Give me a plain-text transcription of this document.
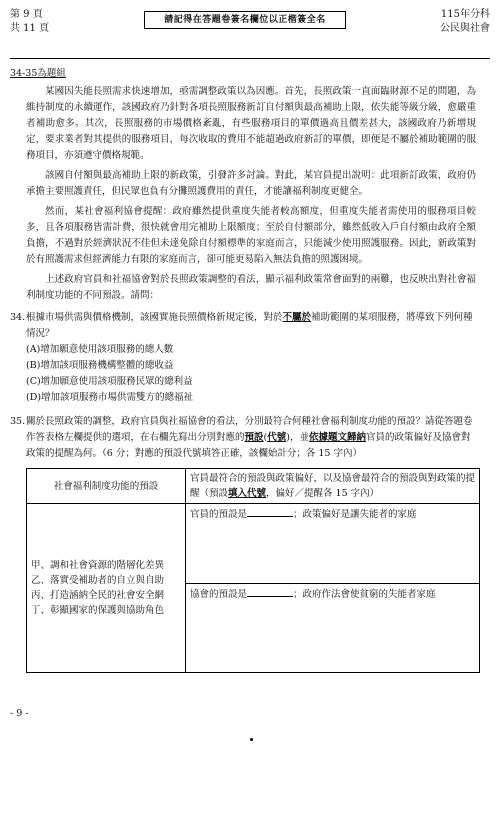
第 9 頁
共 11 頁
請記得在答題卷簽名欄位以正楷簽全名	115年分科
公民與社會
34-35為題組

某國因失能長照需求快速增加，亟需調整政策以為因應。首先，長照政策一直面臨財源不足的問題，為維持制度的永續運作，該國政府乃針對各項長照服務新訂自付額與最高補助上限，依失能等級分級，愈嚴重者補助愈多。其次，長照服務的市場價格紊亂，有些服務項目的單價過高且價差甚大，該國政府乃新增規定，要求業者對其提供的服務項目，每次收取的費用不能超過政府新訂的單價，即便是不屬於補助範圍的服務項目，亦須遵守價格規範。

該國自付額與最高補助上限的新政策，引發許多討論。對此，某官員提出說明：此項新訂政策，政府仍承擔主要照護責任，但民眾也負有分攤照護費用的責任，才能讓福利制度更健全。

然而，某社會福利協會提醒：政府雖然提供重度失能者較高額度，但重度失能者需使用的服務項目較多，且各項服務皆需計費，很快就會用完補助上限額度；至於自付額部分，雖然低收入戶自付額由政府全額負擔，不過對於經濟狀況不佳但未達免除自付額標準的家庭而言，只能減少使用照護服務。因此，新政策對於有照護需求但經濟能力有限的家庭而言，卻可能更易陷入無法負擔的照護困境。

上述政府官員和社福協會對於長照政策調整的看法，顯示福利政策常會面對的兩難，也反映出對社會福利制度功能的不同預設。請問：

34. 根據市場供需與價格機制，該國實施長照價格新規定後，對於不屬於補助範圍的某項服務，將導致下列何種情況？
(A)增加願意使用該項服務的總人數
(B)增加該項服務機構整體的總收益
(C)增加願意使用該項服務民眾的總利益
(D)增加該項服務市場供需雙方的總福祉
35. 關於長照政策的調整，政府官員與社福協會的看法，分別最符合何種社會福利制度功能的預設？請從答題卷作答表格左欄提供的選項，在右欄先寫出分別對應的預設(代號)，並依據題文歸納官員的政策偏好及協會對政策的提醒為何。（6 分；對應的預設代號填答正確，該欄始計分；各 15 字內）
社會福利制度功能的預設	官員最符合的預設與政策偏好，以及協會最符合的預設與對政策的提醒（預設填入代號，偏好／提醒各 15 字內）

甲、調和社會資源的階層化差異
乙、落實受補助者的自立與自助
丙、打造涵納全民的社會安全網
丁、彰顯國家的保護與協助角色	官員的預設是 ；政策偏好是讓失能者的家庭
	協會的預設是 ；政府作法會使貧窮的失能者家庭
- 9 -
